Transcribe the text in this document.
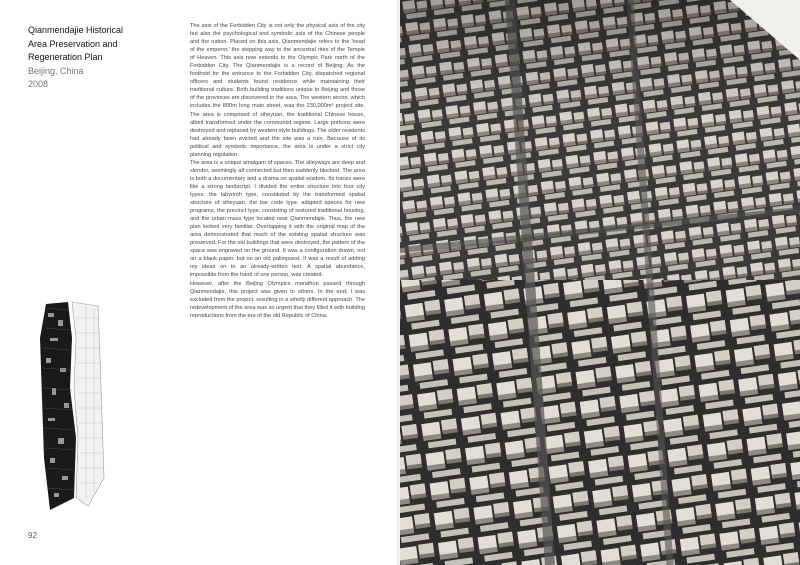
Qianmendajie Historical
Area Preservation and
Regeneration Plan
Beijing, China
2008

The axis of the Forbidden City is not only the physical axis of the city but also the psychological and symbolic axis of the Chinese people and the nation. Placed on this axis, Qianmendajie refers to the 'head of the emperor,' the stepping way to the ancestral rites of the Temple of Heaven. This axis now extends to the Olympic Park north of the Forbidden City. The Qianmendajie is a record of Beijing. As the foothold for the entrance to the Forbidden City, dispatched regional officers and students found residence while maintaining their traditional culture. Both building traditions unique to Beijing and those of the provinces are discovered in the area. The western sector, which includes the 800m long main street, was the 230,000m² project site. The area is comprised of siheyuan, the traditional Chinese house, albeit transformed under the communist regime. Large portions were destroyed and replaced by western style buildings. The older residents had already been evicted and the site was a ruin. Because of its political and symbolic importance, the area is under a strict city planning regulation.

The area is a unique amalgam of spaces. The alleyways are deep and slender, seemingly all connected but then suddenly blocked. The area is both a documentary and a drama on spatial wisdom. Its traces were like a strong landscript. I divided the entire structure into four city types: the labyrinth type, constituted by the transformed spatial structure of siheyuan, the bar code type, adapted spaces for new programs, the precinct type, consisting of restored traditional housing, and the urban mass type located near Qianmendajie. Thus, the new plan looked very familiar. Overlapping it with the original map of the area demonstrated that much of the existing spatial structure was preserved. For the old buildings that were destroyed, the pattern of the space was engraved on the ground. It was a configuration drawn, not on a blank paper, but on an old palimpsest. It was a result of adding my ideas on to an already-written text. A spatial abundance, impossible from the hand of one person, was created.

However, after the Beijing Olympics marathon passed through Qianmendajie, this project was given to others. In the end, I was excluded from the project, resulting in a wholly different approach. The redevelopment of the area was so urgent that they filled it with building reproductions from the era of the old Republic of China.

92
